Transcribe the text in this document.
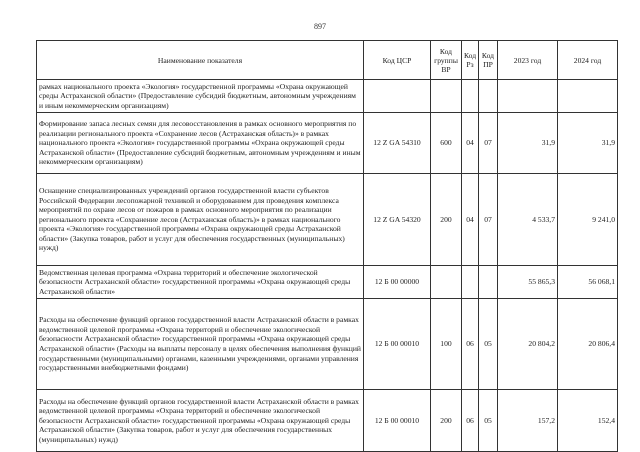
897
Наименование показателя	Код ЦСР	Код группы ВР	Код Рз	Код ПР	2023 год	2024 год
рамках национального проекта «Экология» государственной программы «Охрана окружающей среды Астраханской области» (Предоставление субсидий бюджетным, автономным учреждениям и иным некоммерческим организациям)						
Формирование запаса лесных семян для лесовосстановления в рамках основного мероприятия по реализации регионального проекта «Сохранение лесов (Астраханская область)» в рамках национального проекта «Экология» государственной программы «Охрана окружающей среды Астраханской области» (Предоставление субсидий бюджетным, автономным учреждениям и иным некоммерческим организациям)	12 Z GA 54310	600	04	07	31,9	31,9
Оснащение специализированных учреждений органов государственной власти субъектов Российской Федерации лесопожарной техникой и оборудованием для проведения комплекса мероприятий по охране лесов от пожаров в рамках основного мероприятия по реализации регионального проекта «Сохранение лесов (Астраханская область)» в рамках национального проекта «Экология» государственной программы «Охрана окружающей среды Астраханской области» (Закупка товаров, работ и услуг для обеспечения государственных (муниципальных) нужд)	12 Z GA 54320	200	04	07	4 533,7	9 241,0
Ведомственная целевая программа «Охрана территорий и обеспечение экологической безопасности Астраханской области» государственной программы «Охрана окружающей среды Астраханской области»	12 Б 00 00000				55 865,3	56 068,1
Расходы на обеспечение функций органов государственной власти Астраханской области в рамках ведомственной целевой программы «Охрана территорий и обеспечение экологической безопасности Астраханской области» государственной программы «Охрана окружающей среды Астраханской области» (Расходы на выплаты персоналу в целях обеспечения выполнения функций государственными (муниципальными) органами, казенными учреждениями, органами управления государственными внебюджетными фондами)	12 Б 00 00010	100	06	05	20 804,2	20 806,4
Расходы на обеспечение функций органов государственной власти Астраханской области в рамках ведомственной целевой программы «Охрана территорий и обеспечение экологической безопасности Астраханской области» государственной программы «Охрана окружающей среды Астраханской области» (Закупка товаров, работ и услуг для обеспечения государственных (муниципальных) нужд)	12 Б 00 00010	200	06	05	157,2	152,4
